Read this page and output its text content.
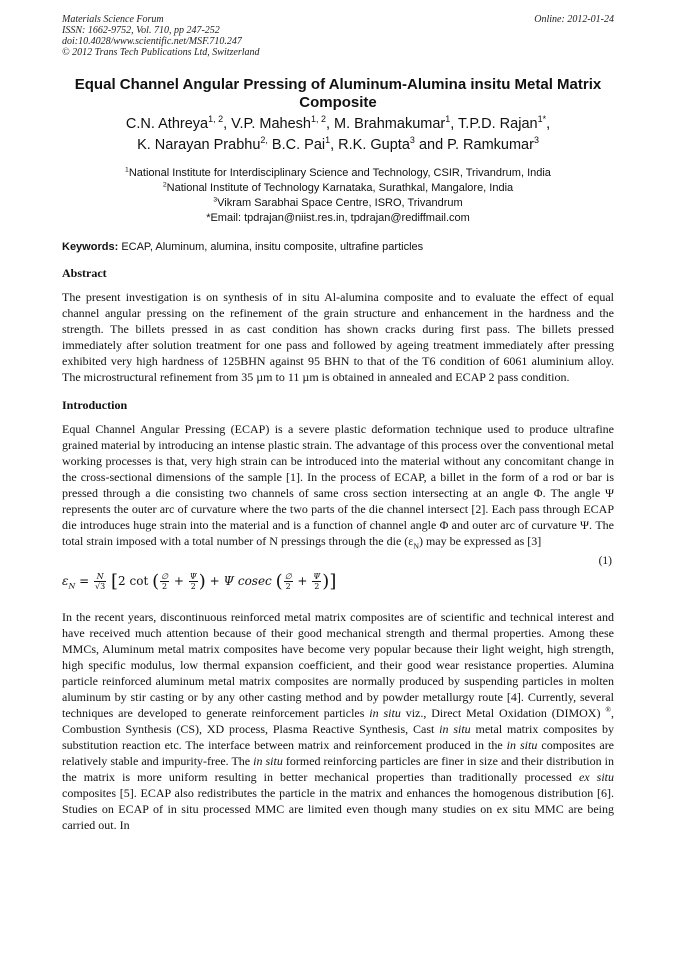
Materials Science Forum
ISSN: 1662-9752, Vol. 710, pp 247-252
doi:10.4028/www.scientific.net/MSF.710.247
© 2012 Trans Tech Publications Ltd, Switzerland
Online: 2012-01-24
Equal Channel Angular Pressing of Aluminum-Alumina insitu Metal Matrix Composite
C.N. Athreya$^{1, 2}$, V.P. Mahesh$^{1, 2}$, M. Brahmakumar$^1$, T.P.D. Rajan$^{1*}$,
K. Narayan Prabhu$^{2,}$ B.C. Pai$^1$, R.K. Gupta$^3$ and P. Ramkumar$^3$
$^1$National Institute for Interdisciplinary Science and Technology, CSIR, Trivandrum, India
$^2$National Institute of Technology Karnataka, Surathkal, Mangalore, India
$^3$Vikram Sarabhai Space Centre, ISRO, Trivandrum
*Email: tpdrajan@niist.res.in, tpdrajan@rediffmail.com
Keywords: ECAP, Aluminum, alumina, insitu composite, ultrafine particles
Abstract
The present investigation is on synthesis of in situ Al-alumina composite and to evaluate the effect of equal channel angular pressing on the refinement of the grain structure and enhancement in the hardness and the strength. The billets pressed in as cast condition has shown cracks during first pass. The billets pressed immediately after solution treatment for one pass and followed by ageing treatment immediately after pressing exhibited very high hardness of 125BHN against 95 BHN to that of the T6 condition of 6061 aluminium alloy. The microstructural refinement from 35 µm to 11 µm is obtained in annealed and ECAP 2 pass condition.
Introduction
Equal Channel Angular Pressing (ECAP) is a severe plastic deformation technique used to produce ultrafine grained material by introducing an intense plastic strain. The advantage of this process over the conventional metal working processes is that, very high strain can be introduced into the material without any concomitant change in the cross-sectional dimensions of the sample [1]. In the process of ECAP, a billet in the form of a rod or bar is pressed through a die consisting two channels of same cross section intersecting at an angle Φ. The angle Ψ represents the outer arc of curvature where the two parts of the die channel intersect [2]. Each pass through ECAP die introduces huge strain into the material and is a function of channel angle Φ and outer arc of curvature Ψ. The total strain imposed with a total number of N pressings through the die $(\varepsilon_N)$ may be expressed as [3]
(1)
$\varepsilon_N = \frac{N}{√3} [2$ cot ( $\frac{\emptyset}{2} + \frac{\Psi}{2}$ ) + Ψ cosec ( $\frac{\emptyset}{2} + \frac{\Psi}{2}$ )]
In the recent years, discontinuous reinforced metal matrix composites are of scientific and technical interest and have received much attention because of their good mechanical strength and thermal properties. Among these MMCs, Aluminum metal matrix composites have become very popular because their light weight, high strength, high specific modulus, low thermal expansion coefficient, and their good wear resistance properties. Alumina particle reinforced aluminum metal matrix composites are normally produced by suspending particles in molten aluminum by stir casting or by any other casting method and by powder metallurgy route [4]. Currently, several techniques are developed to generate reinforcement particles in situ viz., Direct Metal Oxidation (DIMOX) ®, Combustion Synthesis (CS), XD process, Plasma Reactive Synthesis, Cast in situ metal matrix composites by substitution reaction etc. The interface between matrix and reinforcement produced in the in situ composites are relatively stable and impurity-free. The in situ formed reinforcing particles are finer in size and their distribution in the matrix is more uniform resulting in better mechanical properties than traditionally processed ex situ composites [5]. ECAP also redistributes the particle in the matrix and enhances the homogenous distribution [6]. Studies on ECAP of in situ processed MMC are limited even though many studies on ex situ MMC are being carried out. In
